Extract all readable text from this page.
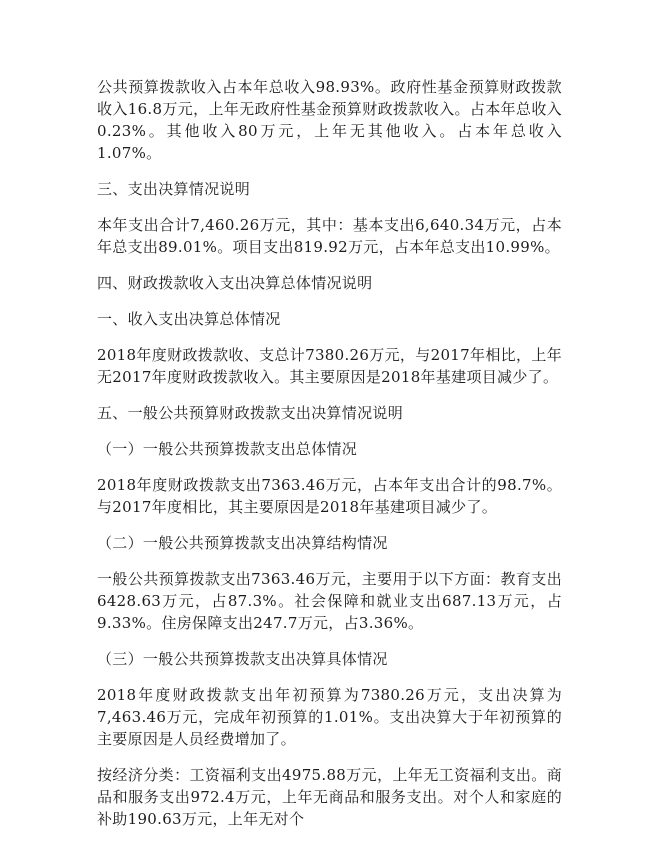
公共预算拨款收入占本年总收入98.93%。政府性基金预算财政拨款收入16.8万元，上年无政府性基金预算财政拨款收入。占本年总收入0.23%。其他收入80万元，上年无其他收入。占本年总收入1.07%。

三、支出决算情况说明

本年支出合计7,460.26万元，其中：基本支出6,640.34万元，占本年总支出89.01%。项目支出819.92万元，占本年总支出10.99%。

四、财政拨款收入支出决算总体情况说明

一、收入支出决算总体情况

2018年度财政拨款收、支总计7380.26万元，与2017年相比，上年无2017年度财政拨款收入。其主要原因是2018年基建项目减少了。

五、一般公共预算财政拨款支出决算情况说明

（一）一般公共预算拨款支出总体情况

2018年度财政拨款支出7363.46万元，占本年支出合计的98.7%。与2017年度相比，其主要原因是2018年基建项目减少了。

（二）一般公共预算拨款支出决算结构情况

一般公共预算拨款支出7363.46万元，主要用于以下方面：教育支出6428.63万元，占87.3%。社会保障和就业支出687.13万元，占9.33%。住房保障支出247.7万元，占3.36%。

（三）一般公共预算拨款支出决算具体情况

2018年度财政拨款支出年初预算为7380.26万元，支出决算为7,463.46万元，完成年初预算的1.01%。支出决算大于年初预算的主要原因是人员经费增加了。

按经济分类：工资福利支出4975.88万元，上年无工资福利支出。商品和服务支出972.4万元，上年无商品和服务支出。对个人和家庭的补助190.63万元，上年无对个
